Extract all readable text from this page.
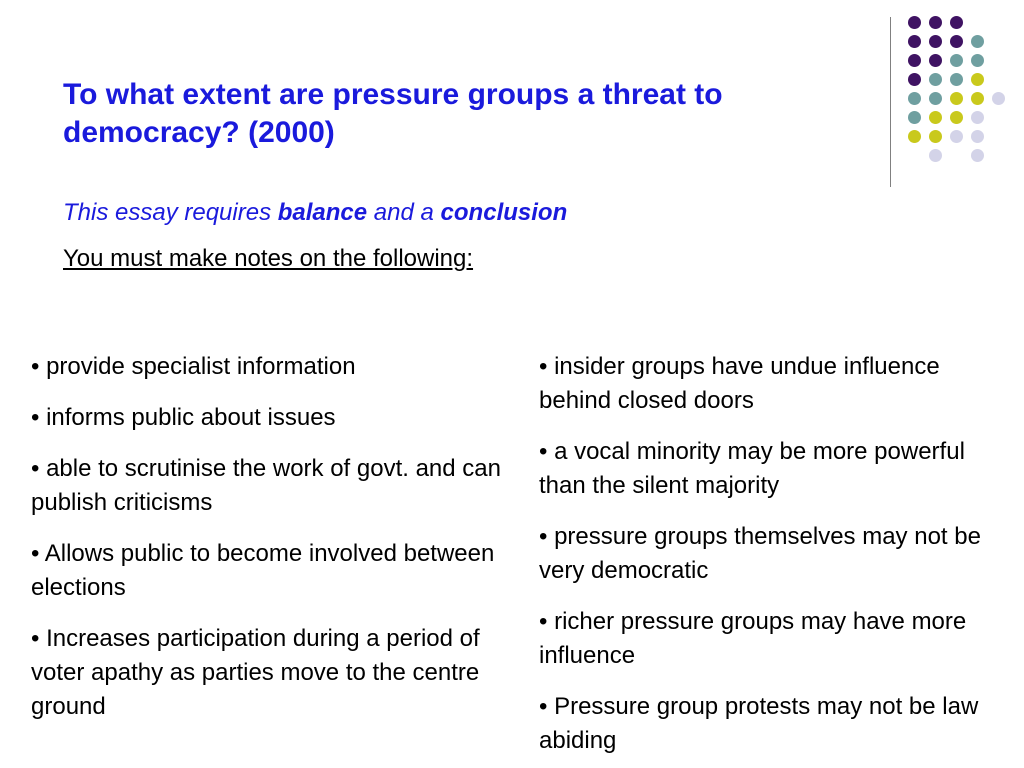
To what extent are pressure groups a threat to democracy? (2000)

This essay requires balance and a conclusion

You must make notes on the following:

• provide specialist information

• informs public about issues

• able to scrutinise the work of govt. and can publish criticisms

• Allows public to become involved between elections

• Increases participation during a period of voter apathy as parties move to the centre ground

• insider groups have undue influence behind closed doors

• a vocal minority may be more powerful than the silent majority

• pressure groups themselves may not be very democratic

• richer pressure groups may have more influence

• Pressure group protests may not be law abiding
